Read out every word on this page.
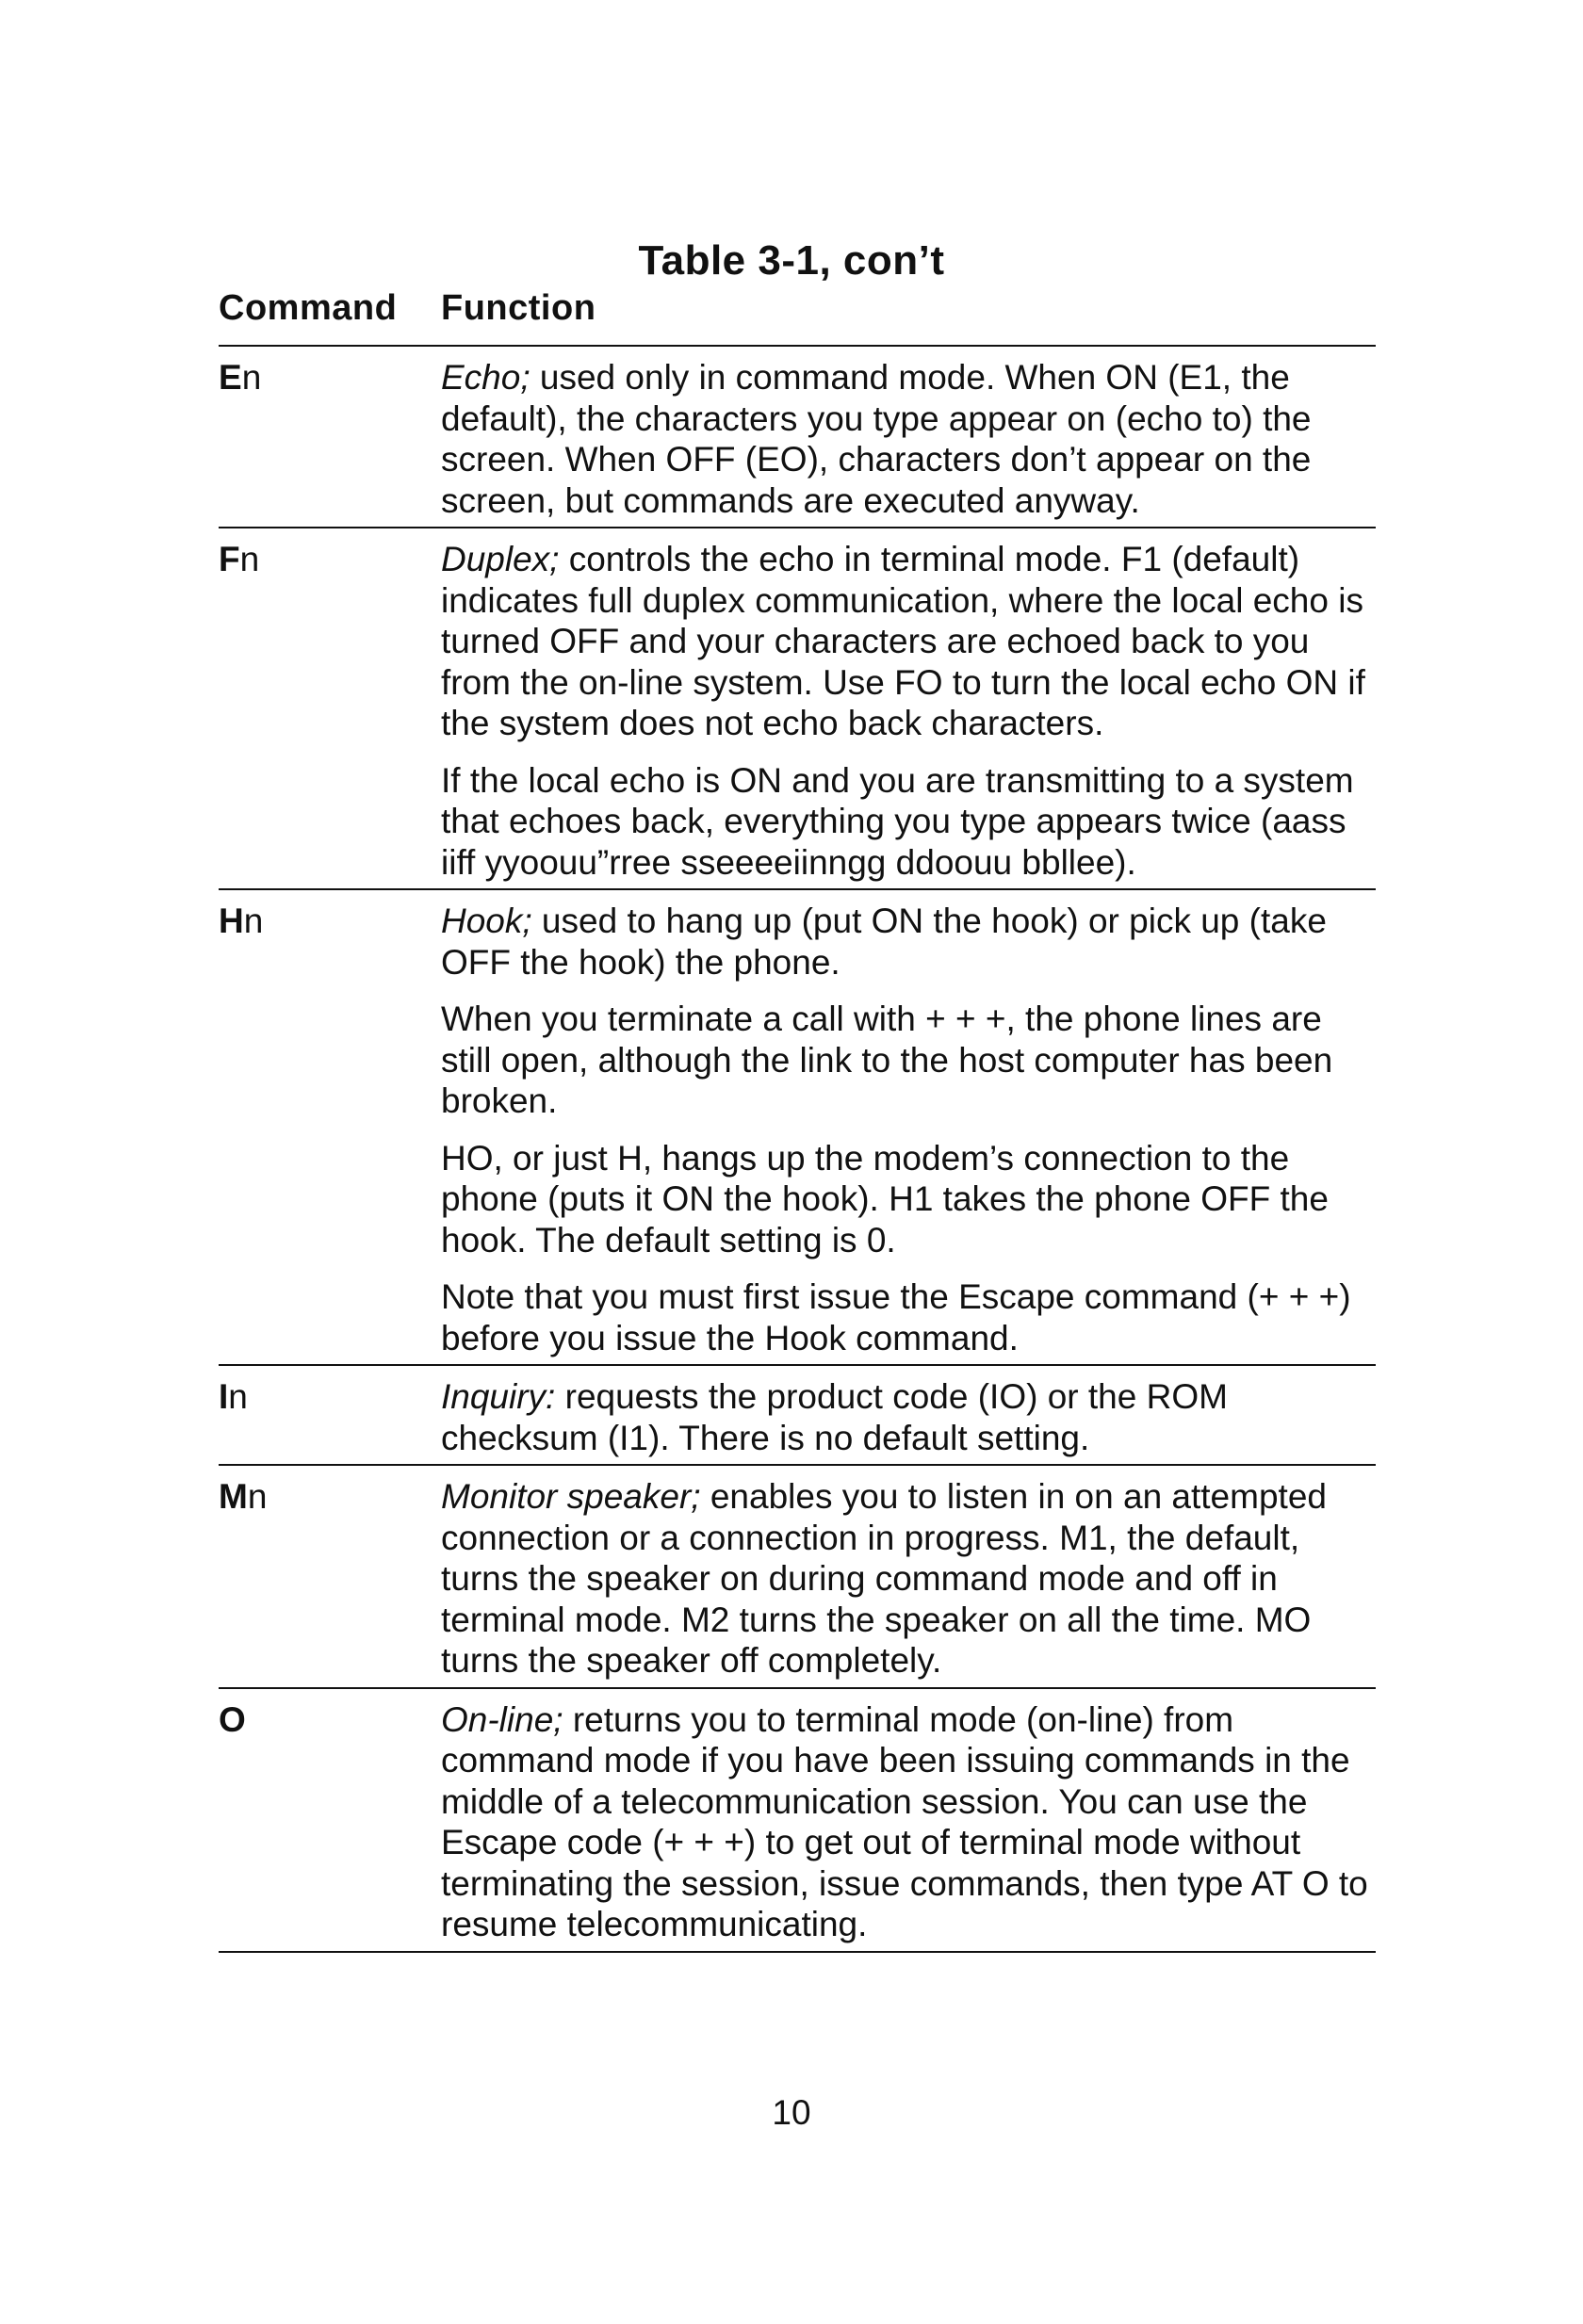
Table 3-1, con’t
Command Function
En	Echo; used only in command mode. When ON (E1, the default), the characters you type appear on (echo to) the screen. When OFF (EO), characters don’t appear on the screen, but commands are executed anyway.

Fn	Duplex; controls the echo in terminal mode. F1 (default) indicates full duplex communication, where the local echo is turned OFF and your characters are echoed back to you from the on-line system. Use FO to turn the local echo ON if the system does not echo back characters.

If the local echo is ON and you are transmitting to a system that echoes back, everything you type appears twice (aass iiff yyoouu”rree sseeeeiinngg ddoouu bbllee).

Hn	Hook; used to hang up (put ON the hook) or pick up (take OFF the hook) the phone.

When you terminate a call with + + +, the phone lines are still open, although the link to the host computer has been broken.

HO, or just H, hangs up the modem’s connection to the phone (puts it ON the hook). H1 takes the phone OFF the hook. The default setting is 0.

Note that you must first issue the Escape command (+ + +) before you issue the Hook command.

In	Inquiry: requests the product code (IO) or the ROM checksum (I1). There is no default setting.

Mn	Monitor speaker; enables you to listen in on an attempted connection or a connection in progress. M1, the default, turns the speaker on during command mode and off in terminal mode. M2 turns the speaker on all the time. MO turns the speaker off completely.

O	On-line; returns you to terminal mode (on-line) from command mode if you have been issuing commands in the middle of a telecommunication session. You can use the Escape code (+ + +) to get out of terminal mode without terminating the session, issue commands, then type AT O to resume telecommunicating.

10
